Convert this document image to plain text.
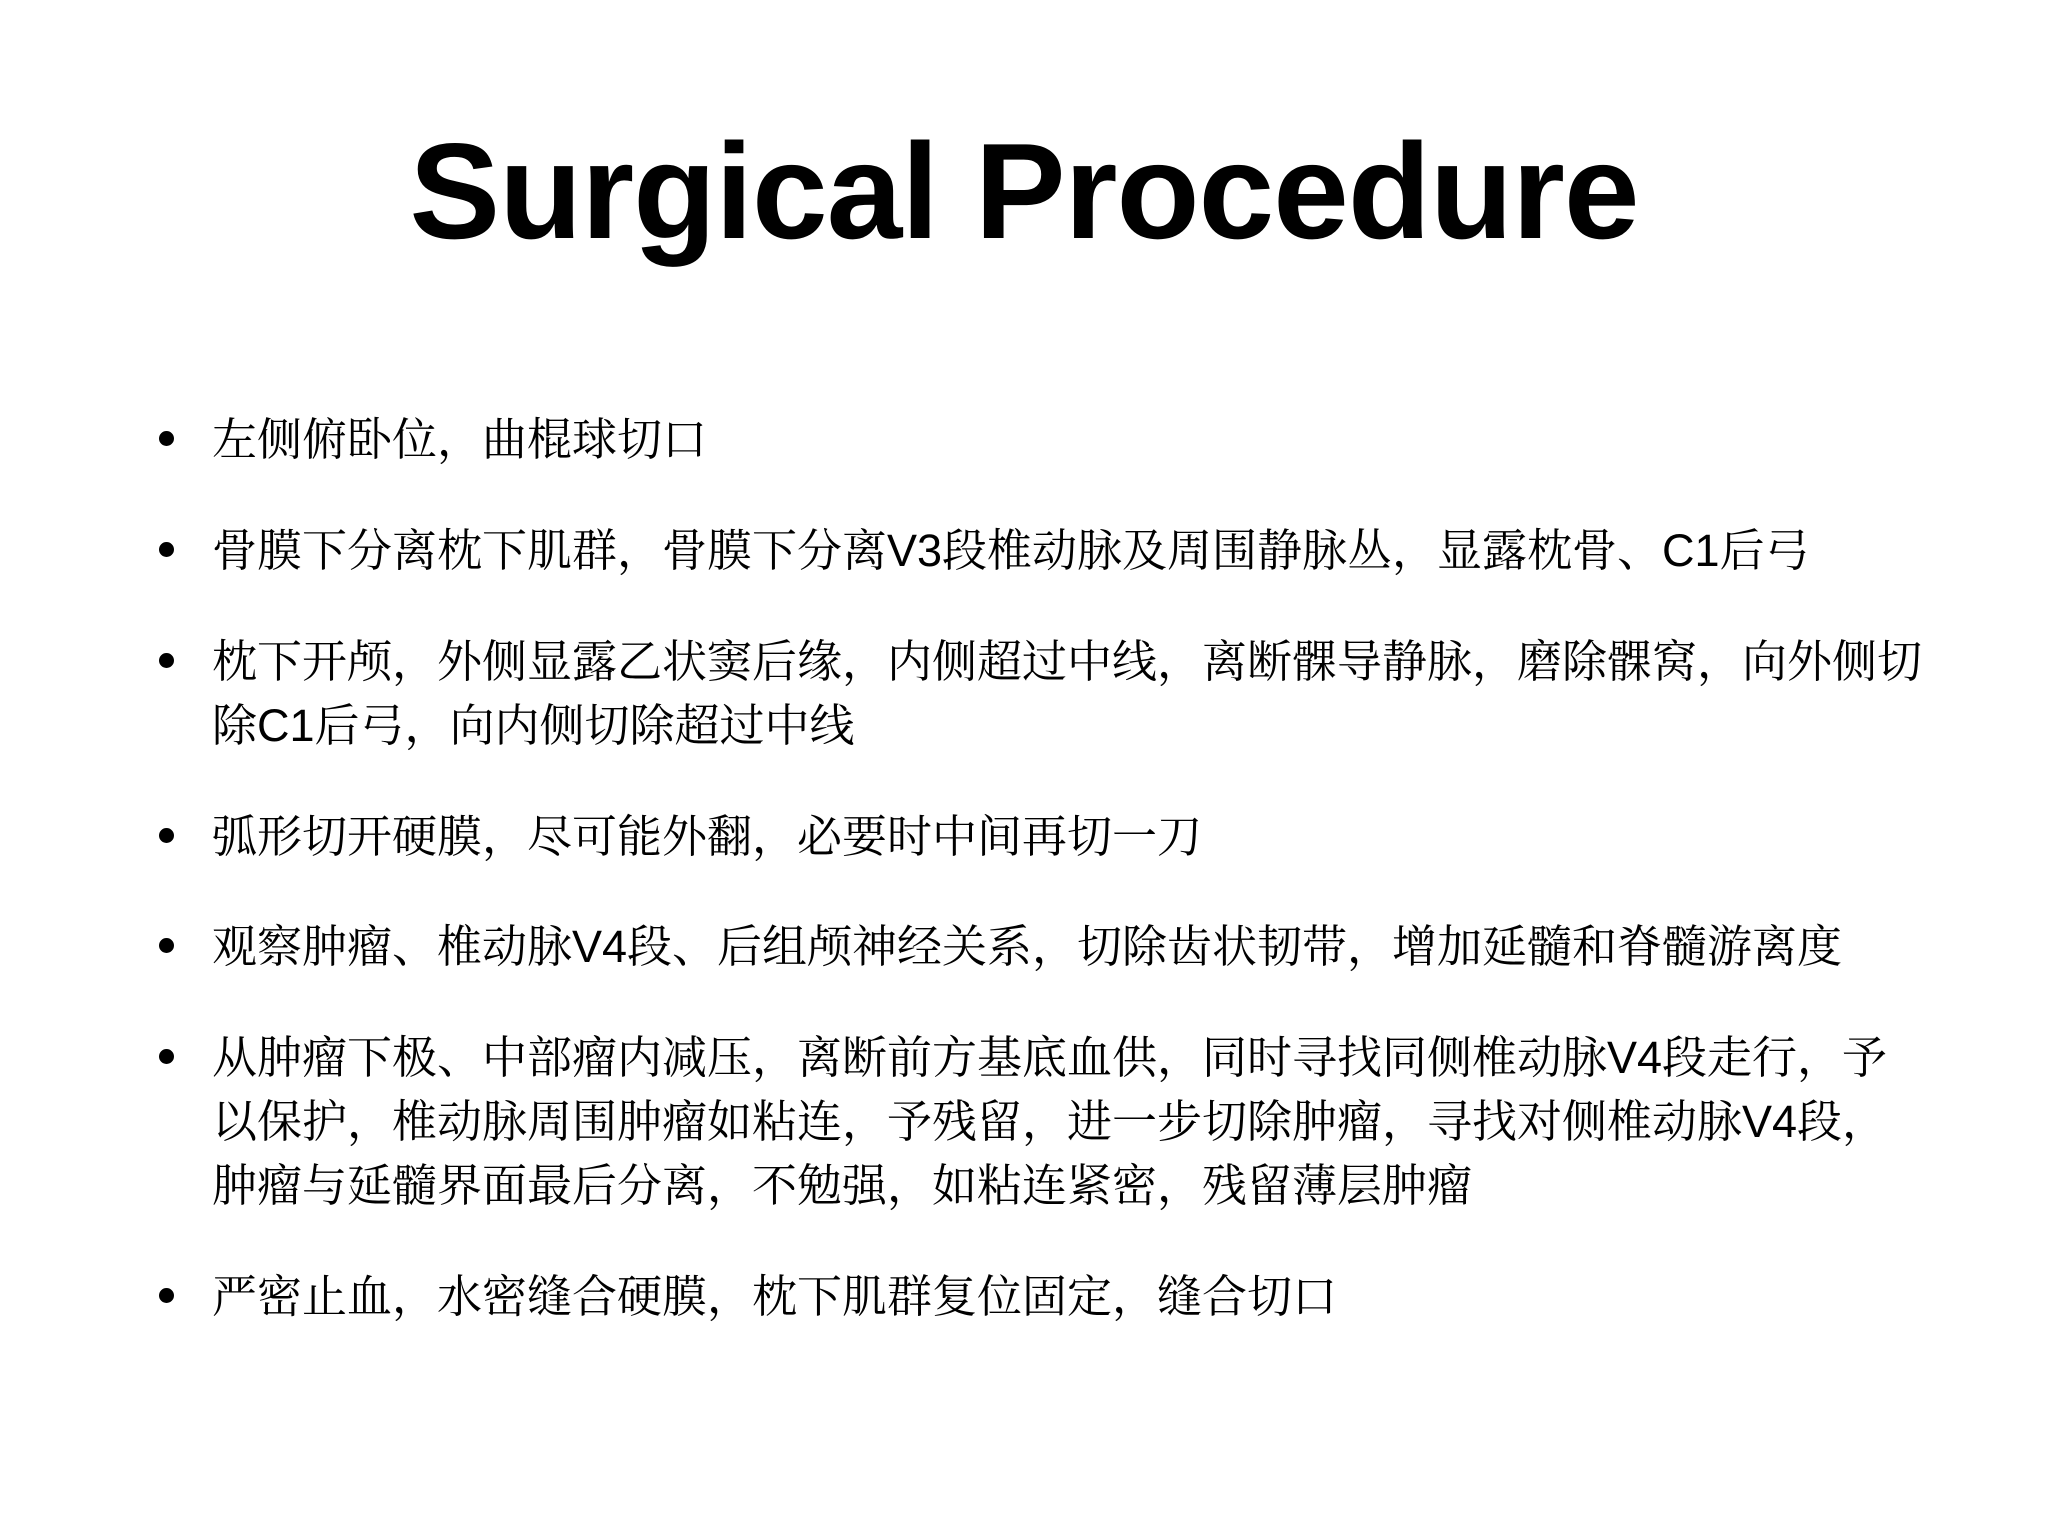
Surgical Procedure
左侧俯卧位，曲棍球切口
骨膜下分离枕下肌群，骨膜下分离V3段椎动脉及周围静脉丛，显露枕骨、C1后弓
枕下开颅，外侧显露乙状窦后缘，内侧超过中线，离断髁导静脉，磨除髁窝，向外侧切除C1后弓，向内侧切除超过中线
弧形切开硬膜，尽可能外翻，必要时中间再切一刀
观察肿瘤、椎动脉V4段、后组颅神经关系，切除齿状韧带，增加延髓和脊髓游离度
从肿瘤下极、中部瘤内减压，离断前方基底血供，同时寻找同侧椎动脉V4段走行，予以保护，椎动脉周围肿瘤如粘连，予残留，进一步切除肿瘤，寻找对侧椎动脉V4段，肿瘤与延髓界面最后分离，不勉强，如粘连紧密，残留薄层肿瘤
严密止血，水密缝合硬膜，枕下肌群复位固定，缝合切口
